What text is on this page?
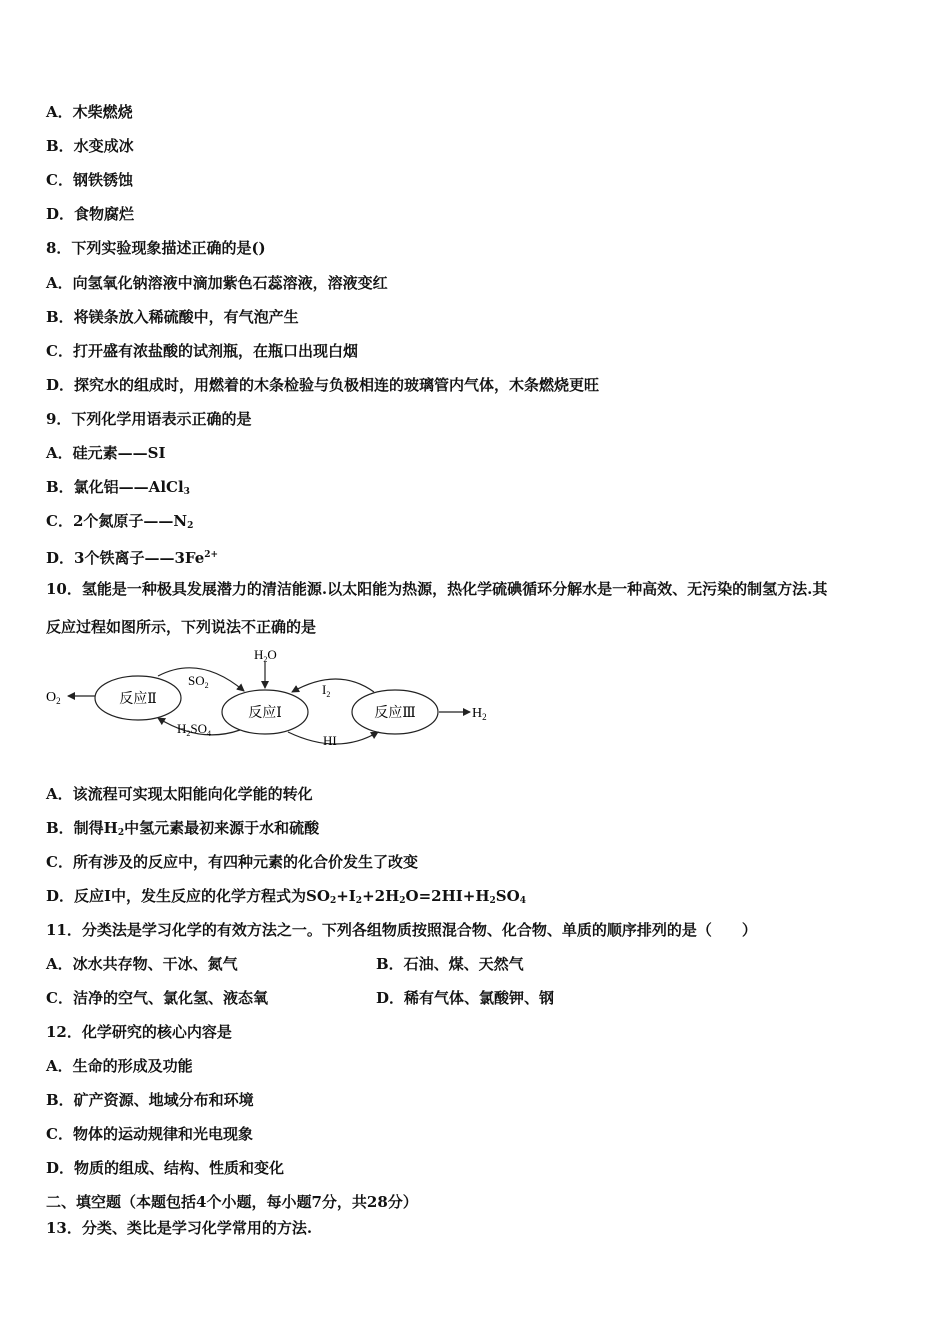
A．木柴燃烧
B．水变成冰
C．钢铁锈蚀
D．食物腐烂
8．下列实验现象描述正确的是()
A．向氢氧化钠溶液中滴加紫色石蕊溶液，溶液变红
B．将镁条放入稀硫酸中，有气泡产生
C．打开盛有浓盐酸的试剂瓶，在瓶口出现白烟
D．探究水的组成时，用燃着的木条检验与负极相连的玻璃管内气体，木条燃烧更旺
9．下列化学用语表示正确的是
A．硅元素——SI
B．氯化铝——AlCl$_3$
C．2个氮原子$——N_2$
D．3个铁离子$——3Fe^{2+}$
10．氢能是一种极具发展潜力的清洁能源.以太阳能为热源，热化学硫碘循环分解水是一种高效、无污染的制氢方法.其
反应过程如图所示，下列说法不正确的是
反应Ⅱ
反应Ⅰ	反应Ⅲ
$O_2$
$H_2$
$H_2O$
$SO_2$
$H_2SO_4$
$I_2$
HI
A．该流程可实现太阳能向化学能的转化
B．制得$H_2$中氢元素最初来源于水和硫酸
C．所有涉及的反应中，有四种元素的化合价发生了改变
D．反应I中，发生反应的化学方程式为$SO_2+I_2+2H_2O=2HI+H_2SO_4$
11．分类法是学习化学的有效方法之一。下列各组物质按照混合物、化合物、单质的顺序排列的是（　　）
A．冰水共存物、干冰、氮气	B．石油、煤、天然气
C．洁净的空气、氯化氢、液态氧	D．稀有气体、氯酸钾、钢
12．化学研究的核心内容是
A．生命的形成及功能
B．矿产资源、地域分布和环境
C．物体的运动规律和光电现象
D．物质的组成、结构、性质和变化
二、填空题（本题包括4个小题，每小题7分，共28分）
13．分类、类比是学习化学常用的方法.
